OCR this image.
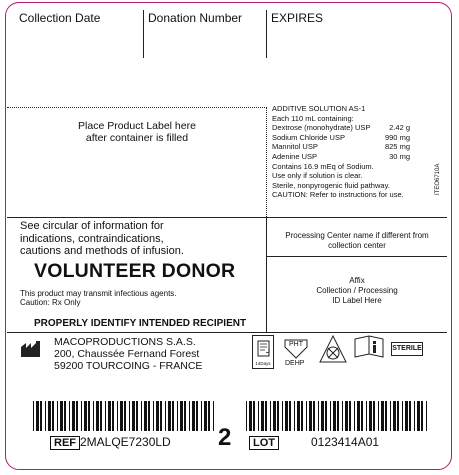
Collection Date	Donation Number EXPIRES
Place Product Label here
after container is filled
ADDITIVE SOLUTION AS-1
Each 110 mL containing:
Dextrose (monohydrate) USP	2.42 g
Sodium Chloride USP	990 mg
Mannitol USP	825 mg
Adenine USP	30 mg
Contains 16.9 mEq of Sodium.
Use only if solution is clear.
Sterile, nonpyrogenic fluid pathway.
CAUTION: Refer to instructions for use.	ITEO6710A
See circular of information for
indications, contraindications,
cautions and methods of infusion.
VOLUNTEER DONOR
This product may transmit infectious agents.
Caution: Rx Only
PROPERLY IDENTIFY INTENDED RECIPIENT
Processing Center name if different from
collection center
Affix
Collection / Processing
ID Label Here
MACOPRODUCTIONS S.A.S.
200, Chaussée Fernand Forest
59200 TOURCOING - FRANCE	14Days
PHT
DEHP
STERILE
REF 2MALQE7230LD 2	LOT	0123414A01
